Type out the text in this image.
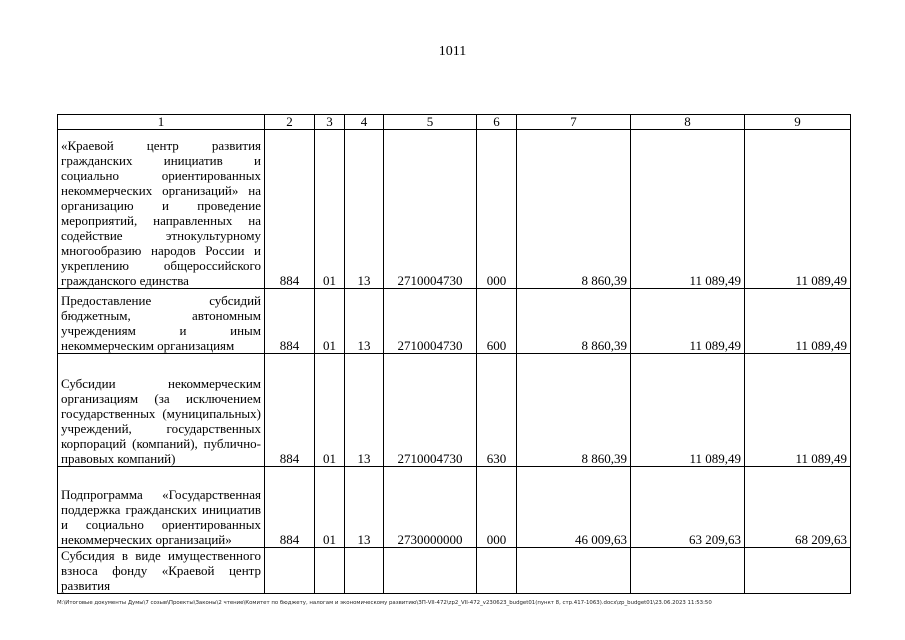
1011
1	2	3	4	5	6	7	8	9
«Краевой центр развития гражданских инициатив и социально ориентированных некоммерческих организаций» на организацию и проведение мероприятий, направленных на содействие этнокультурному многообразию народов России и укреплению общероссийского гражданского единства	884	01	13	2710004730	000	8 860,39	11 089,49	11 089,49
Предоставление субсидий бюджетным, автономным учреждениям и иным некоммерческим организациям	884	01	13	2710004730	600	8 860,39	11 089,49	11 089,49
Субсидии некоммерческим организациям (за исключением государственных (муниципальных) учреждений, государственных корпораций (компаний), публично-правовых компаний)	884	01	13	2710004730	630	8 860,39	11 089,49	11 089,49
Подпрограмма «Государственная поддержка гражданских инициатив и социально ориентированных некоммерческих организаций»	884	01	13	2730000000	000	46 009,63	63 209,63	68 209,63
Субсидия в виде имущественного взноса фонду «Краевой центр развития								
M:\Итоговые документы Думы\7 созыв\Проекты\Законы\2 чтение\Комитет по бюджету, налогам и экономическому развитию\ЗП-VII-472\zp2_VII-472_v230623_budget01(пункт 8, стр.417-1063).docx\zp_budget01\23.06.2023 11:53:50
